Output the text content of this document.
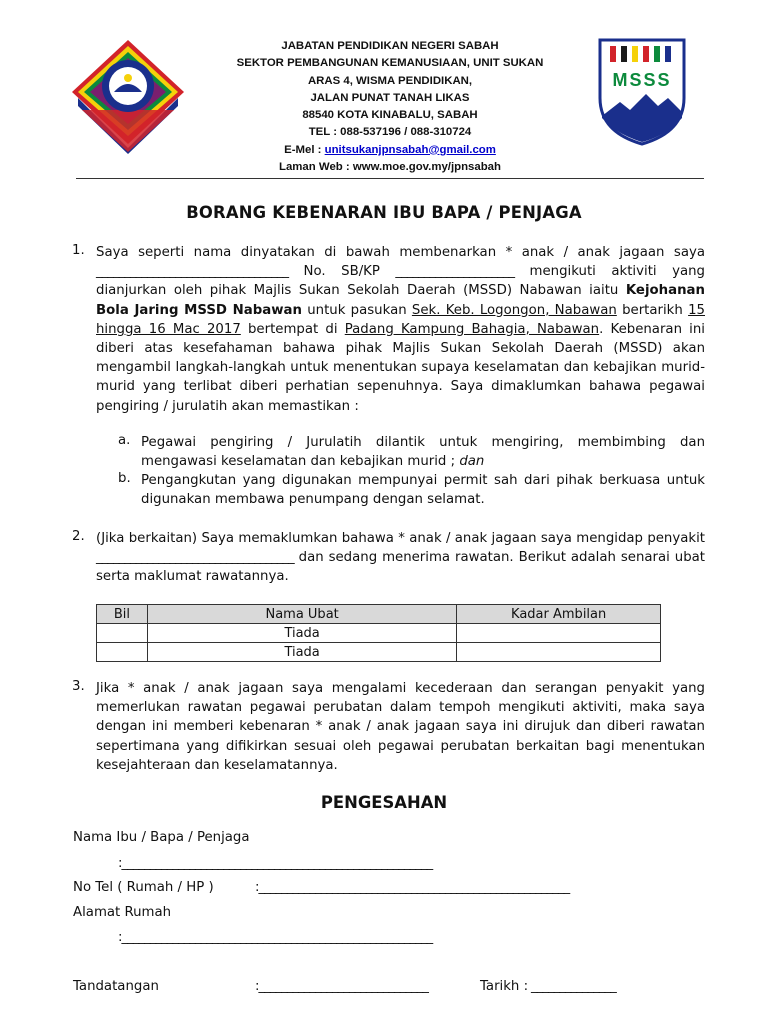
JABATAN PENDIDIKAN NEGERI SABAH
SEKTOR PEMBANGUNAN KEMANUSIAAN, UNIT SUKAN
ARAS 4, WISMA PENDIDIKAN,
JALAN PUNAT TANAH LIKAS
88540 KOTA KINABALU, SABAH
TEL : 088-537196 / 088-310724
E-Mel : unitsukanjpnsabah@gmail.com
Laman Web : www.moe.gov.my/jpnsabah
MSSS
BORANG KEBENARAN IBU BAPA / PENJAGA
1. Saya seperti nama dinyatakan di bawah membenarkan * anak / anak jagaan saya __________________________________ No. SB/KP _____________________ mengikuti aktiviti yang dianjurkan oleh pihak Majlis Sukan Sekolah Daerah (MSSD) Nabawan iaitu Kejohanan Bola Jaring MSSD Nabawan untuk pasukan Sek. Keb. Logongon, Nabawan bertarikh 15 hingga 16 Mac 2017 bertempat di Padang Kampung Bahagia, Nabawan. Kebenaran ini diberi atas kesefahaman bahawa pihak Majlis Sukan Sekolah Daerah (MSSD) akan mengambil langkah-langkah untuk menentukan supaya keselamatan dan kebajikan murid-murid yang terlibat diberi perhatian sepenuhnya. Saya dimaklumkan bahawa pegawai pengiring / jurulatih akan memastikan :
a. Pegawai pengiring / Jurulatih dilantik untuk mengiring, membimbing dan mengawasi keselamatan dan kebajikan murid ; dan
b. Pengangkutan yang digunakan mempunyai permit sah dari pihak berkuasa untuk digunakan membawa penumpang dengan selamat.
2. (Jika berkaitan) Saya memaklumkan bahawa * anak / anak jagaan saya mengidap penyakit ___________________________________ dan sedang menerima rawatan. Berikut adalah senarai ubat serta maklumat rawatannya.
Bil	Nama Ubat	Kadar Ambilan
	Tiada	
	Tiada	
3. Jika * anak / anak jagaan saya mengalami kecederaan dan serangan penyakit yang memerlukan rawatan pegawai perubatan dalam tempoh mengikuti aktiviti, maka saya dengan ini memberi kebenaran * anak / anak jagaan saya ini dirujuk dan diberi rawatan sepertimana yang difikirkan sesuai oleh pegawai perubatan berkaitan bagi menentukan kesejahteraan dan keselamatannya.
PENGESAHAN
Nama Ibu / Bapa / Penjaga
:_______________________________________________________
No Tel ( Rumah / HP )	:_______________________________________________________
Alamat Rumah
:_______________________________________________________
Tandatangan	:______________________________	Tarikh : _______________
